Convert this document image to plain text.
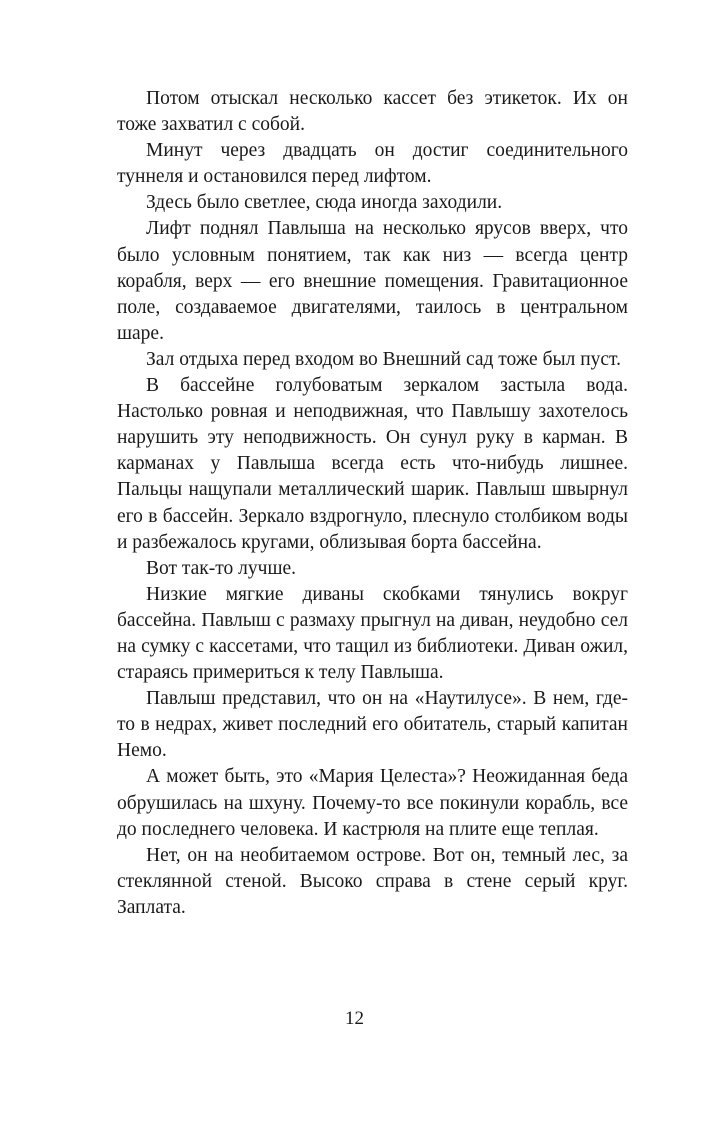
Потом отыскал несколько кассет без этикеток. Их он тоже захватил с собой.

Минут через двадцать он достиг соединительного туннеля и остановился перед лифтом.

Здесь было светлее, сюда иногда заходили.

Лифт поднял Павлыша на несколько ярусов вверх, что было условным понятием, так как низ — всегда центр корабля, верх — его внешние помещения. Гравитационное поле, создаваемое двигателями, таилось в центральном шаре.

Зал отдыха перед входом во Внешний сад тоже был пуст.

В бассейне голубоватым зеркалом застыла вода. Настолько ровная и неподвижная, что Павлышу захотелось нарушить эту неподвижность. Он сунул руку в карман. В карманах у Павлыша всегда есть что-нибудь лишнее. Пальцы нащупали металлический шарик. Павлыш швырнул его в бассейн. Зеркало вздрогнуло, плеснуло столбиком воды и разбежалось кругами, облизывая борта бассейна.

Вот так-то лучше.

Низкие мягкие диваны скобками тянулись вокруг бассейна. Павлыш с размаху прыгнул на диван, неудобно сел на сумку с кассетами, что тащил из библиотеки. Диван ожил, стараясь примериться к телу Павлыша.

Павлыш представил, что он на «Наутилусе». В нем, где-то в недрах, живет последний его обитатель, старый капитан Немо.

А может быть, это «Мария Целеста»? Неожиданная беда обрушилась на шхуну. Почему-то все покинули корабль, все до последнего человека. И кастрюля на плите еще теплая.

Нет, он на необитаемом острове. Вот он, темный лес, за стеклянной стеной. Высоко справа в стене серый круг. Заплата.

12
